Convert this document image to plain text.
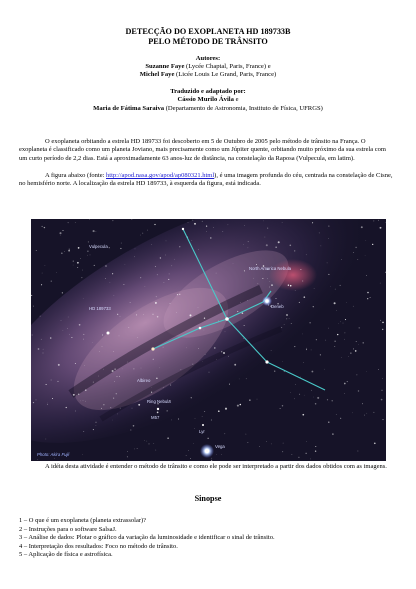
DETECÇÃO DO EXOPLANETA HD 189733B
PELO MÉTODO DE TRÂNSITO
Autores:
Suzanne Faye (Lycée Chaptal, Paris, France) e
Michel Faye (Licée Louis Le Grand, Paris, France)
Traduzido e adaptado por:
Cássio Murilo Ávila e
Maria de Fátima Saraiva (Departamento de Astronomia, Instituto de Física, UFRGS)
O exoplaneta orbitando a estrela HD 189733 foi descoberto em 5 de Outubro de 2005 pelo método de trânsito na França. O exoplaneta é classificado como um planeta Joviano, mais precisamente como um Júpiter quente, orbitando muito próximo da sua estrela com um curto período de 2,2 dias. Está a aproximadamente 63 anos-luz de distância, na constelação da Raposa (Vulpecula, em latim).
A figura abaixo (fonte: http://apod.nasa.gov/apod/ap080321.html), é uma imagem profunda do céu, centrada na constelação de Cisne, no hemisfério norte. A localização da estrela HD 189733, à esquerda da figura, está indicada.
Vulpecula
HD 189733
North America Nebula
Deneb
Albireo
Ring Nebula
M57
Lyr
Vega
Photo: Akira Fujii
A idéia desta atividade é entender o método de trânsito e como ele pode ser interpretado a partir dos dados obtidos com as imagens.
Sinopse
1 – O que é um exoplaneta (planeta extrassolar)?
2 – Instruções para o software SalsaJ.
3 – Análise de dados: Plotar o gráfico da variação da luminosidade e identificar o sinal de trânsito.
4 – Interpretação dos resultados: Foco no método de trânsito.
5 – Aplicação de física e astrofísica.
